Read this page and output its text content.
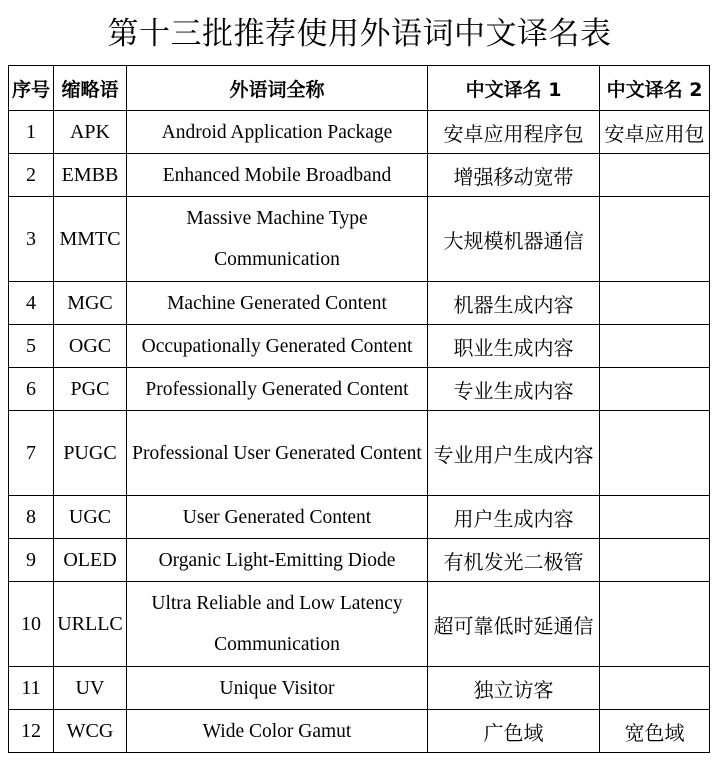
第十三批推荐使用外语词中文译名表
序号	缩略语	外语词全称	中文译名 1	中文译名 2
1	APK	Android Application Package	安卓应用程序包	安卓应用包
2	EMBB	Enhanced Mobile Broadband	增强移动宽带	
3	MMTC	Massive Machine Type Communication	大规模机器通信	
4	MGC	Machine Generated Content	机器生成内容	
5	OGC	Occupationally Generated Content	职业生成内容	
6	PGC	Professionally Generated Content	专业生成内容	
7	PUGC	Professional User Generated Content	专业用户生成内容	
8	UGC	User Generated Content	用户生成内容	
9	OLED	Organic Light-Emitting Diode	有机发光二极管	
10	URLLC	Ultra Reliable and Low Latency Communication	超可靠低时延通信	
11	UV	Unique Visitor	独立访客	
12	WCG	Wide Color Gamut	广色域	宽色域
